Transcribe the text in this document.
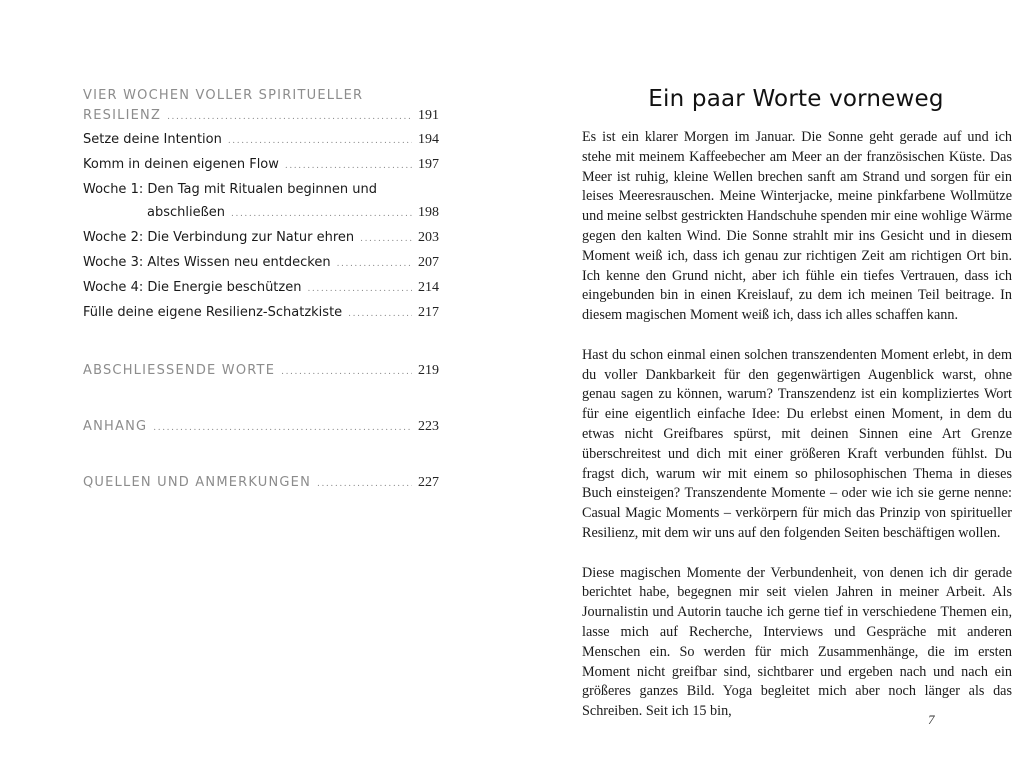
VIER WOCHEN VOLLER SPIRITUELLER
RESILIENZ .....	191
Setze deine Intention .....	194
Komm in deinen eigenen Flow .....	197
Woche 1: Den Tag mit Ritualen beginnen und
abschließen .....	198
Woche 2: Die Verbindung zur Natur ehren .....	203
Woche 3: Altes Wissen neu entdecken .....	207
Woche 4: Die Energie beschützen .....	214
Fülle deine eigene Resilienz-Schatzkiste .....	217
ABSCHLIESSENDE WORTE .....	219
ANHANG .....	223
QUELLEN UND ANMERKUNGEN .....	227
Ein paar Worte vorneweg

Es ist ein klarer Morgen im Januar. Die Sonne geht gerade auf und ich stehe mit meinem Kaffeebecher am Meer an der französischen Küste. Das Meer ist ruhig, kleine Wellen brechen sanft am Strand und sorgen für ein leises Meeresrauschen. Meine Winterjacke, meine pinkfarbene Wollmütze und meine selbst gestrickten Handschuhe spenden mir eine wohlige Wärme gegen den kalten Wind. Die Sonne strahlt mir ins Gesicht und in diesem Moment weiß ich, dass ich genau zur richtigen Zeit am richtigen Ort bin. Ich kenne den Grund nicht, aber ich fühle ein tiefes Vertrauen, dass ich eingebunden bin in einen Kreislauf, zu dem ich meinen Teil beitrage. In diesem magischen Moment weiß ich, dass ich alles schaffen kann.

Hast du schon einmal einen solchen transzendenten Moment erlebt, in dem du voller Dankbarkeit für den gegenwärtigen Augenblick warst, ohne genau sagen zu können, warum? Transzendenz ist ein kompliziertes Wort für eine eigentlich einfache Idee: Du erlebst einen Moment, in dem du etwas nicht Greifbares spürst, mit deinen Sinnen eine Art Grenze überschreitest und dich mit einer größeren Kraft verbunden fühlst. Du fragst dich, warum wir mit einem so philosophischen Thema in dieses Buch einsteigen? Transzendente Momente – oder wie ich sie gerne nenne: Casual Magic Moments – verkörpern für mich das Prinzip von spiritueller Resilienz, mit dem wir uns auf den folgenden Seiten beschäftigen wollen.

Diese magischen Momente der Verbundenheit, von denen ich dir gerade berichtet habe, begegnen mir seit vielen Jahren in meiner Arbeit. Als Journalistin und Autorin tauche ich gerne tief in verschiedene Themen ein, lasse mich auf Recherche, Interviews und Gespräche mit anderen Menschen ein. So werden für mich Zusammenhänge, die im ersten Moment nicht greifbar sind, sichtbarer und ergeben nach und nach ein größeres ganzes Bild. Yoga begleitet mich aber noch länger als das Schreiben. Seit ich 15 bin,

7
